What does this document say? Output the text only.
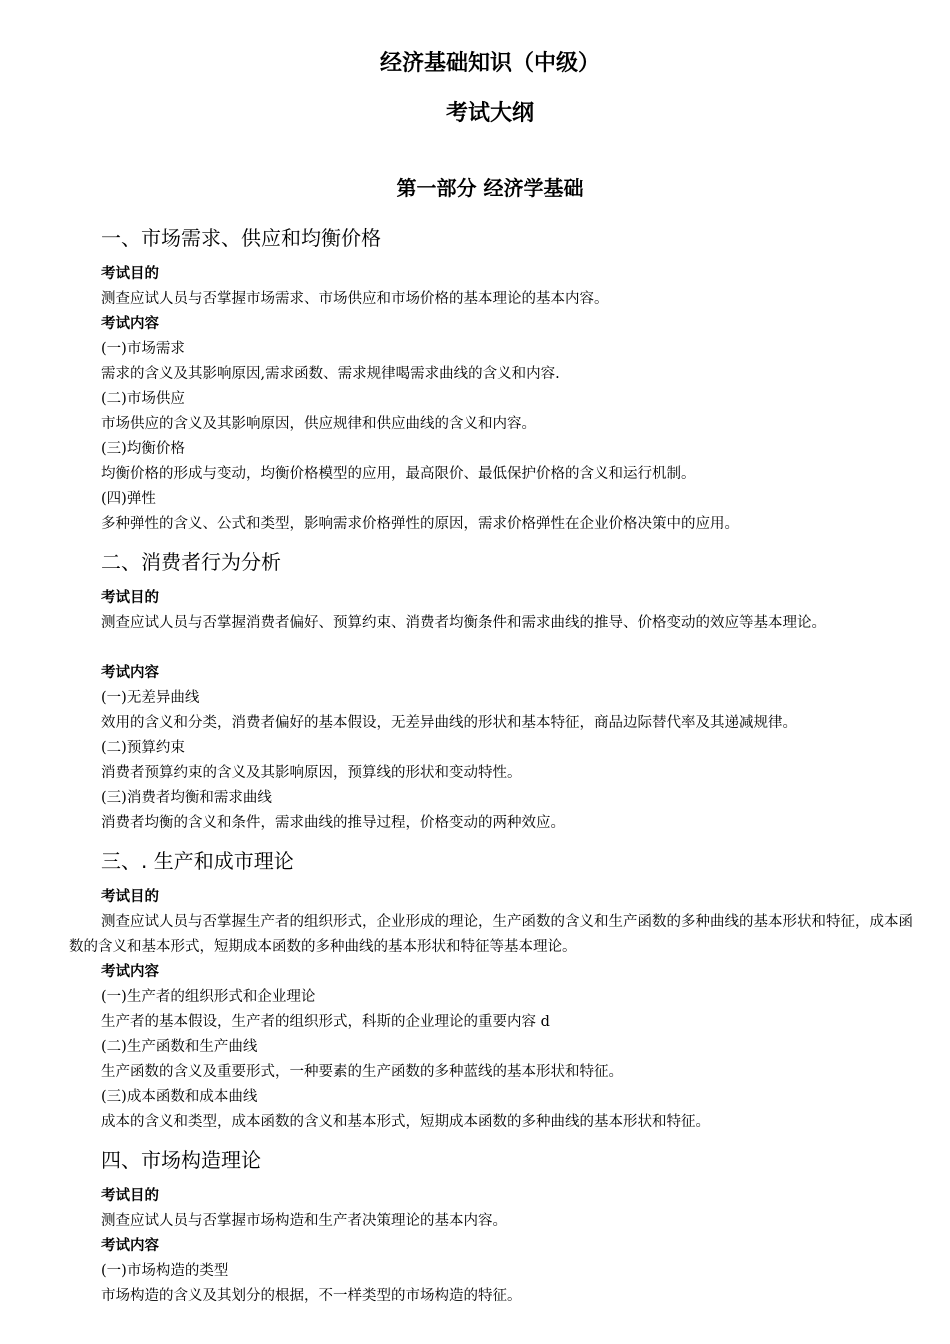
经济基础知识（中级）
考试大纲
第一部分 经济学基础
一、市场需求、供应和均衡价格
考试目的
测查应试人员与否掌握市场需求、市场供应和市场价格的基本理论的基本内容。
考试内容
(一)市场需求
需求的含义及其影响原因,需求函数、需求规律喝需求曲线的含义和内容.
(二)市场供应
市场供应的含义及其影响原因，供应规律和供应曲线的含义和内容。
(三)均衡价格
均衡价格的形成与变动，均衡价格模型的应用，最高限价、最低保护价格的含义和运行机制。
(四)弹性
多种弹性的含义、公式和类型，影响需求价格弹性的原因，需求价格弹性在企业价格决策中的应用。
二、消费者行为分析
考试目的
测查应试人员与否掌握消费者偏好、预算约束、消费者均衡条件和需求曲线的推导、价格变动的效应等基本理论。
考试内容
(一)无差异曲线
效用的含义和分类，消费者偏好的基本假设，无差异曲线的形状和基本特征，商品边际替代率及其递减规律。
(二)预算约束
消费者预算约束的含义及其影响原因，预算线的形状和变动特性。
(三)消费者均衡和需求曲线
消费者均衡的含义和条件，需求曲线的推导过程，价格变动的两种效应。
三、. 生产和成市理论
考试目的
测查应试人员与否掌握生产者的组织形式，企业形成的理论，生产函数的含义和生产函数的多种曲线的基本形状和特征，成本函数的含义和基本形式，短期成本函数的多种曲线的基本形状和特征等基本理论。
考试内容
(一)生产者的组织形式和企业理论
生产者的基本假设，生产者的组织形式，科斯的企业理论的重要内容 d
(二)生产函数和生产曲线
生产函数的含义及重要形式，一种要素的生产函数的多种蓝线的基本形状和特征。
(三)成本函数和成本曲线
成本的含义和类型，成本函数的含义和基本形式，短期成本函数的多种曲线的基本形状和特征。
四、市场构造理论
考试目的
测查应试人员与否掌握市场构造和生产者决策理论的基本内容。
考试内容
(一)市场构造的类型
市场构造的含义及其划分的根据，不一样类型的市场构造的特征。
